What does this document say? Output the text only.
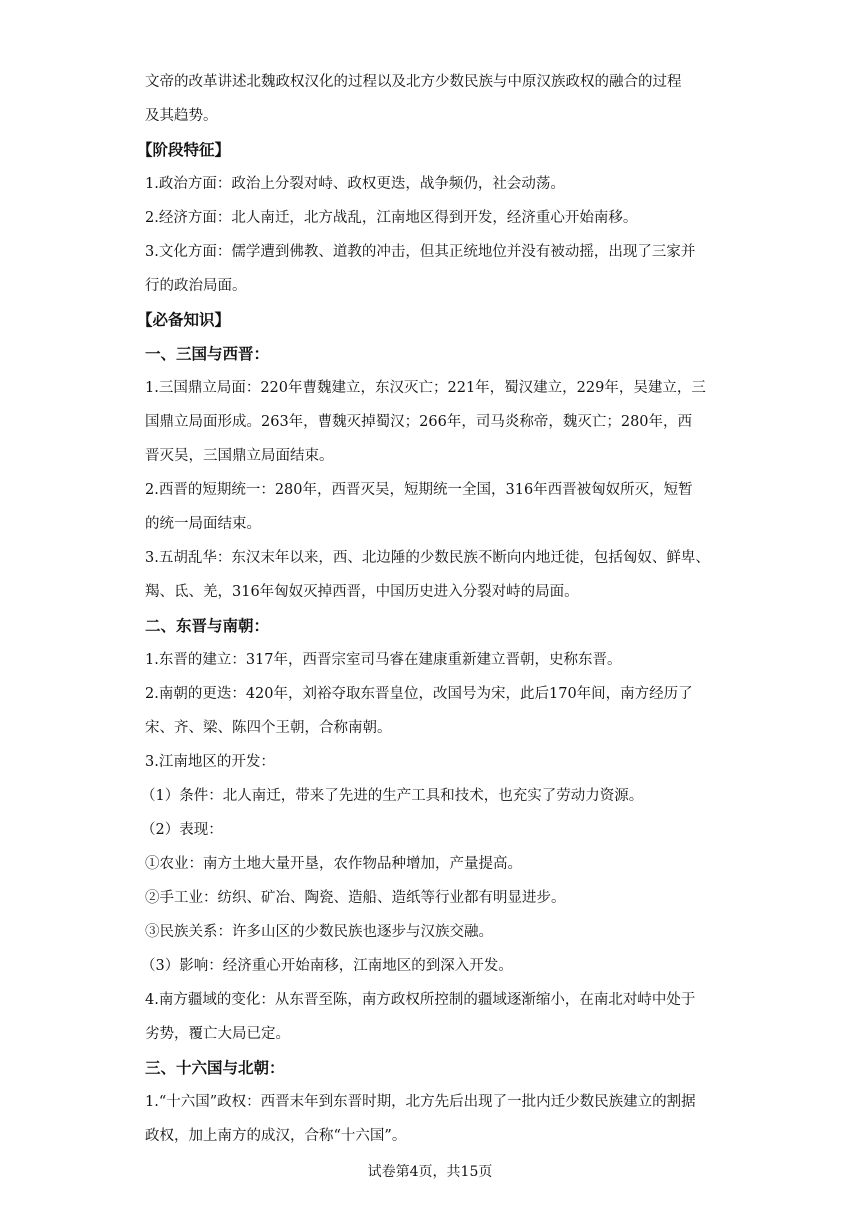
文帝的改革讲述北魏政权汉化的过程以及北方少数民族与中原汉族政权的融合的过程
及其趋势。
【阶段特征】
1.政治方面：政治上分裂对峙、政权更迭，战争频仍，社会动荡。
2.经济方面：北人南迁，北方战乱，江南地区得到开发，经济重心开始南移。
3.文化方面：儒学遭到佛教、道教的冲击，但其正统地位并没有被动摇，出现了三家并
行的政治局面。
【必备知识】
一、三国与西晋：
1.三国鼎立局面：220年曹魏建立，东汉灭亡；221年，蜀汉建立，229年，吴建立，三
国鼎立局面形成。263年，曹魏灭掉蜀汉；266年，司马炎称帝，魏灭亡；280年，西
晋灭吴，三国鼎立局面结束。
2.西晋的短期统一：280年，西晋灭吴，短期统一全国，316年西晋被匈奴所灭，短暂
的统一局面结束。
3.五胡乱华：东汉末年以来，西、北边陲的少数民族不断向内地迁徙，包括匈奴、鲜卑、
羯、氐、羌，316年匈奴灭掉西晋，中国历史进入分裂对峙的局面。
二、东晋与南朝：
1.东晋的建立：317年，西晋宗室司马睿在建康重新建立晋朝，史称东晋。
2.南朝的更迭：420年，刘裕夺取东晋皇位，改国号为宋，此后170年间，南方经历了
宋、齐、梁、陈四个王朝，合称南朝。
3.江南地区的开发：
（1）条件：北人南迁，带来了先进的生产工具和技术，也充实了劳动力资源。
（2）表现：
①农业：南方土地大量开垦，农作物品种增加，产量提高。
②手工业：纺织、矿冶、陶瓷、造船、造纸等行业都有明显进步。
③民族关系：许多山区的少数民族也逐步与汉族交融。
（3）影响：经济重心开始南移，江南地区的到深入开发。
4.南方疆域的变化：从东晋至陈，南方政权所控制的疆域逐渐缩小，在南北对峙中处于
劣势，覆亡大局已定。
三、十六国与北朝：
1.“十六国”政权：西晋末年到东晋时期，北方先后出现了一批内迁少数民族建立的割据
政权，加上南方的成汉，合称“十六国”。
试卷第4页，共15页
